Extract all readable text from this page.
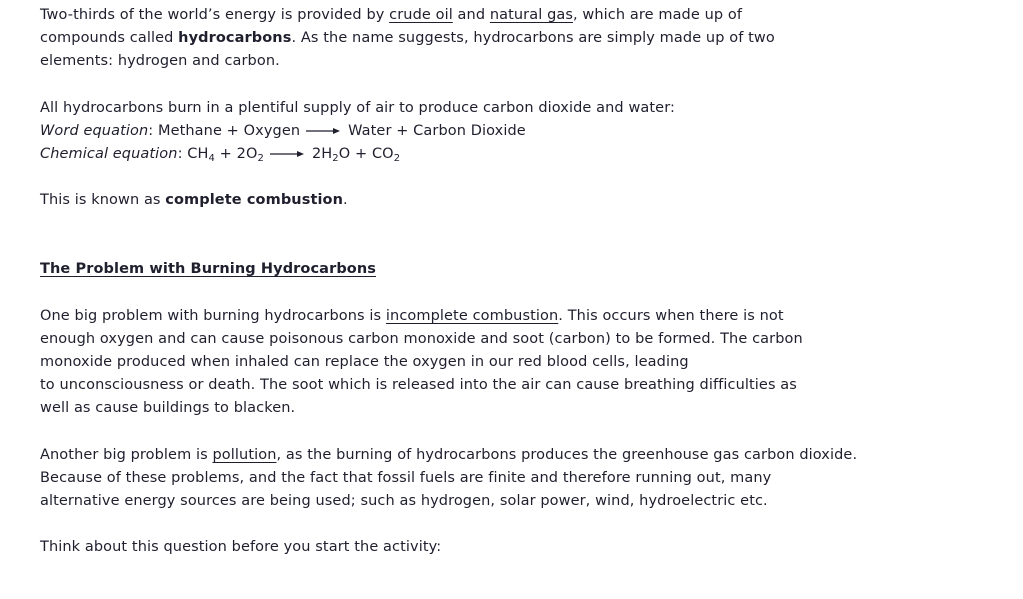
Two-thirds of the world’s energy is provided by crude oil and natural gas, which are made up of compounds called hydrocarbons. As the name suggests, hydrocarbons are simply made up of two elements: hydrogen and carbon.

All hydrocarbons burn in a plentiful supply of air to produce carbon dioxide and water:

Word equation: Methane + Oxygen → Water + Carbon Dioxide

Chemical equation: $CH_4 + 2O_2 \to 2H_2O + CO_2$

This is known as complete combustion.

The Problem with Burning Hydrocarbons

One big problem with burning hydrocarbons is incomplete combustion. This occurs when there is not
enough oxygen and can cause poisonous carbon monoxide and soot (carbon) to be formed. The carbon
monoxide produced when inhaled can replace the oxygen in our red blood cells, leading
to unconsciousness or death. The soot which is released into the air can cause breathing difficulties as
well as cause buildings to blacken.

Another big problem is pollution, as the burning of hydrocarbons produces the greenhouse gas carbon dioxide.

Because of these problems, and the fact that fossil fuels are finite and therefore running out, many alternative energy sources are being used; such as hydrogen, solar power, wind, hydroelectric etc.

Think about this question before you start the activity:
